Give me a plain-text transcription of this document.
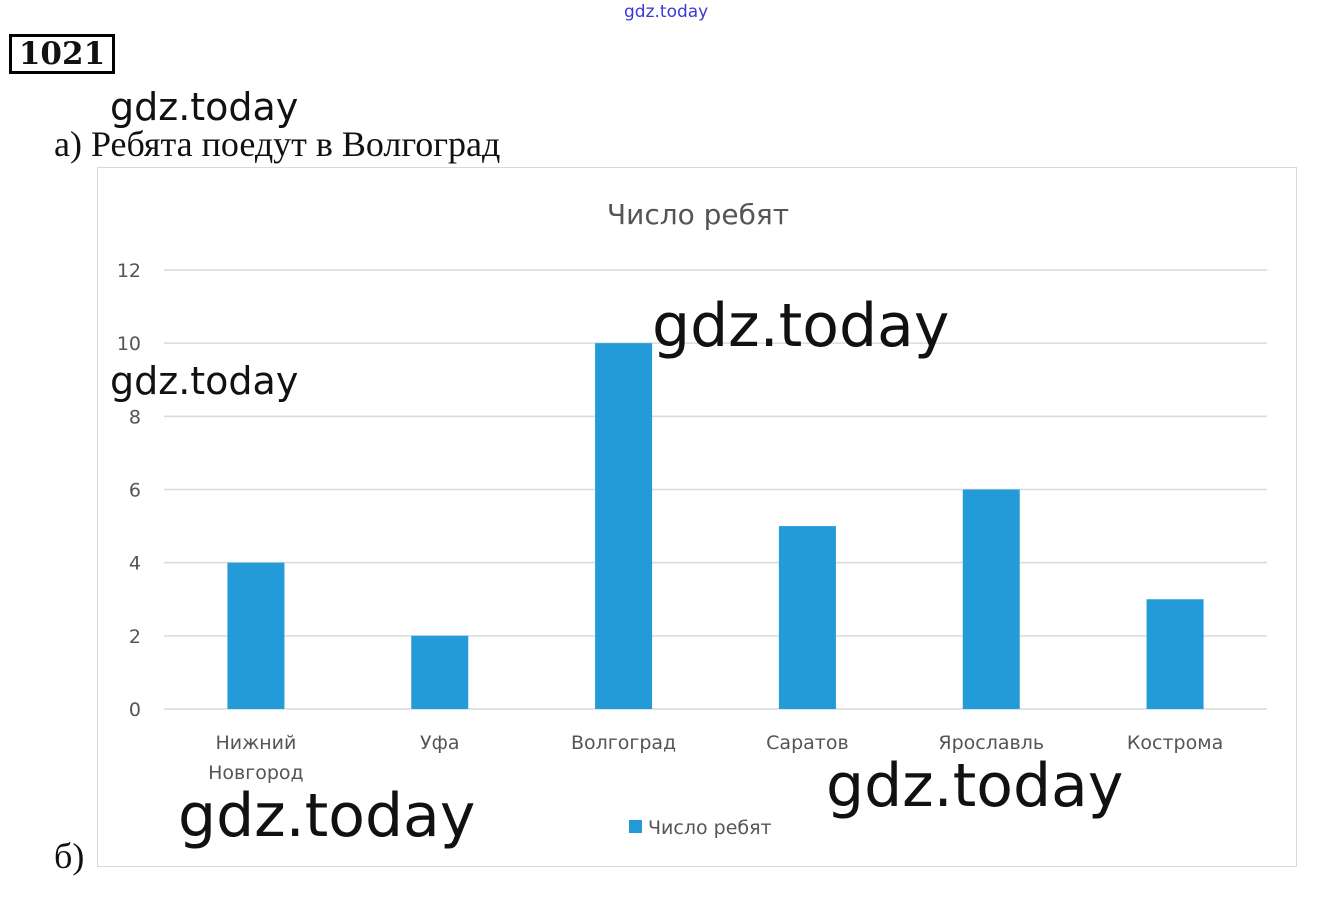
gdz.today
1021
gdz.today
а) Ребята поедут в Волгоград
Число ребят
0
2
4
6
8
10
12
Нижний
Новгород
Уфа	Волгоград	Саратов	Ярославль	Кострома
Число ребят
gdz.today
gdz.today
gdz.today	gdz.today
б)
